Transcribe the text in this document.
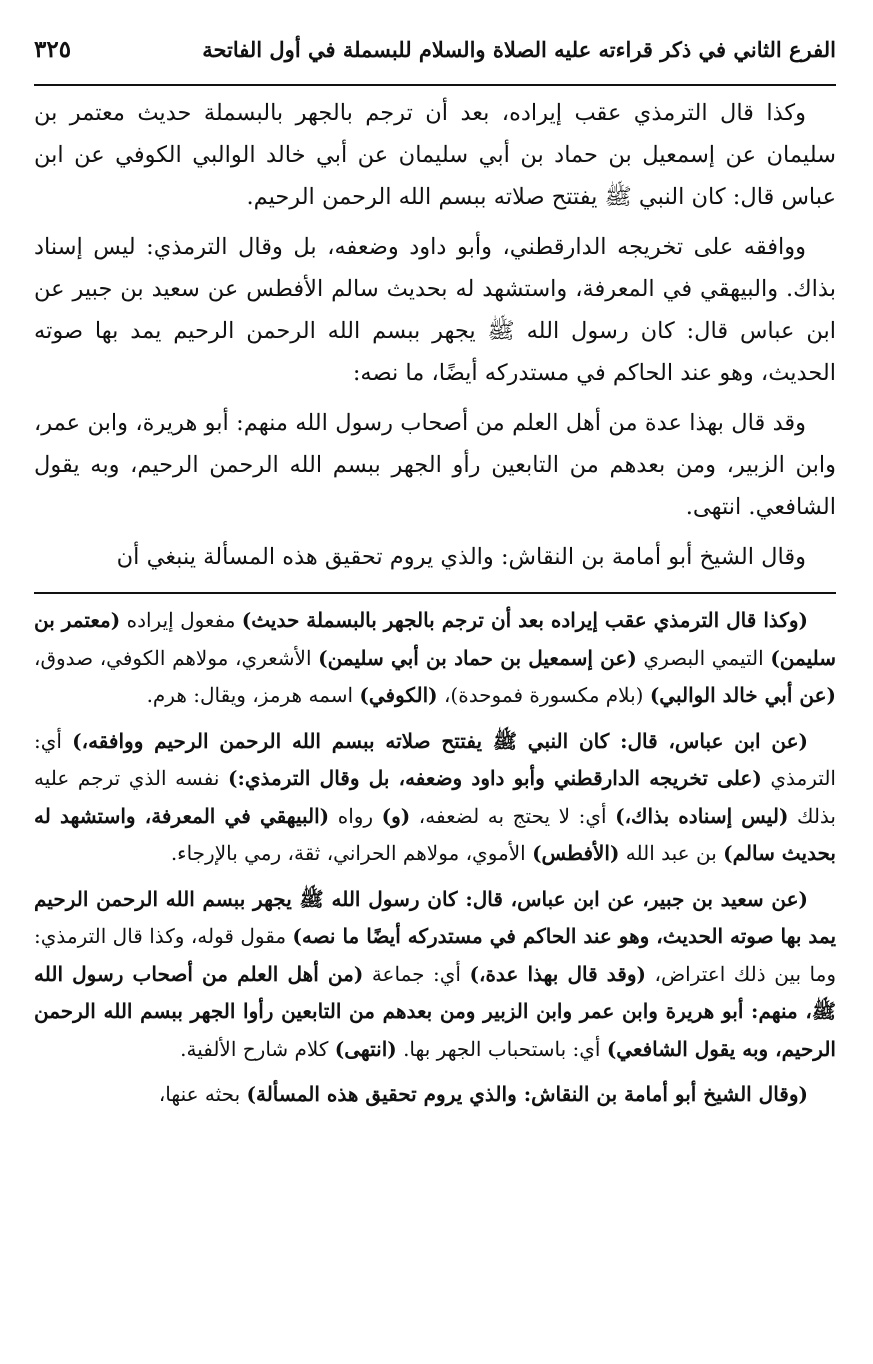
الفرع الثاني في ذكر قراءته عليه الصلاة والسلام للبسملة في أول الفاتحة
٣٢٥

وكذا قال الترمذي عقب إيراده، بعد أن ترجم بالجهر بالبسملة حديث معتمر بن سليمان عن إسمعيل بن حماد بن أبي سليمان عن أبي خالد الوالبي الكوفي عن ابن عباس قال: كان النبي ﷺ يفتتح صلاته ببسم الله الرحمن الرحيم.

ووافقه على تخريجه الدارقطني، وأبو داود وضعفه، بل وقال الترمذي: ليس إسناد بذاك. والبيهقي في المعرفة، واستشهد له بحديث سالم الأفطس عن سعيد بن جبير عن ابن عباس قال: كان رسول الله ﷺ يجهر ببسم الله الرحمن الرحيم يمد بها صوته الحديث، وهو عند الحاكم في مستدركه أيضًا، ما نصه:

وقد قال بهذا عدة من أهل العلم من أصحاب رسول الله منهم: أبو هريرة، وابن عمر، وابن الزبير، ومن بعدهم من التابعين رأو الجهر ببسم الله الرحمن الرحيم، وبه يقول الشافعي. انتهى.

وقال الشيخ أبو أمامة بن النقاش: والذي يروم تحقيق هذه المسألة ينبغي أن

(وكذا قال الترمذي عقب إيراده بعد أن ترجم بالجهر بالبسملة حديث) مفعول إيراده (معتمر بن سليمن) التيمي البصري (عن إسمعيل بن حماد بن أبي سليمن) الأشعري، مولاهم الكوفي، صدوق، (عن أبي خالد الوالبي) (بلام مكسورة فموحدة)، (الكوفي) اسمه هرمز، ويقال: هرم.

(عن ابن عباس، قال: كان النبي ﷺ يفتتح صلاته ببسم الله الرحمن الرحيم ووافقه،) أي: الترمذي (على تخريجه الدارقطني وأبو داود وضعفه، بل وقال الترمذي:) نفسه الذي ترجم عليه بذلك (ليس إسناده بذاك،) أي: لا يحتج به لضعفه، (و) رواه (البيهقي في المعرفة، واستشهد له بحديث سالم) بن عبد الله (الأفطس) الأموي، مولاهم الحراني، ثقة، رمي بالإرجاء.

(عن سعيد بن جبير، عن ابن عباس، قال: كان رسول الله ﷺ يجهر ببسم الله الرحمن الرحيم يمد بها صوته الحديث، وهو عند الحاكم في مستدركه أيضًا ما نصه) مقول قوله، وكذا قال الترمذي: وما بين ذلك اعتراض، (وقد قال بهذا عدة،) أي: جماعة (من أهل العلم من أصحاب رسول الله ﷺ، منهم: أبو هريرة وابن عمر وابن الزبير ومن بعدهم من التابعين رأوا الجهر ببسم الله الرحمن الرحيم، وبه يقول الشافعي) أي: باستحباب الجهر بها. (انتهى) كلام شارح الألفية.

(وقال الشيخ أبو أمامة بن النقاش: والذي يروم تحقيق هذه المسألة) بحثه عنها،
